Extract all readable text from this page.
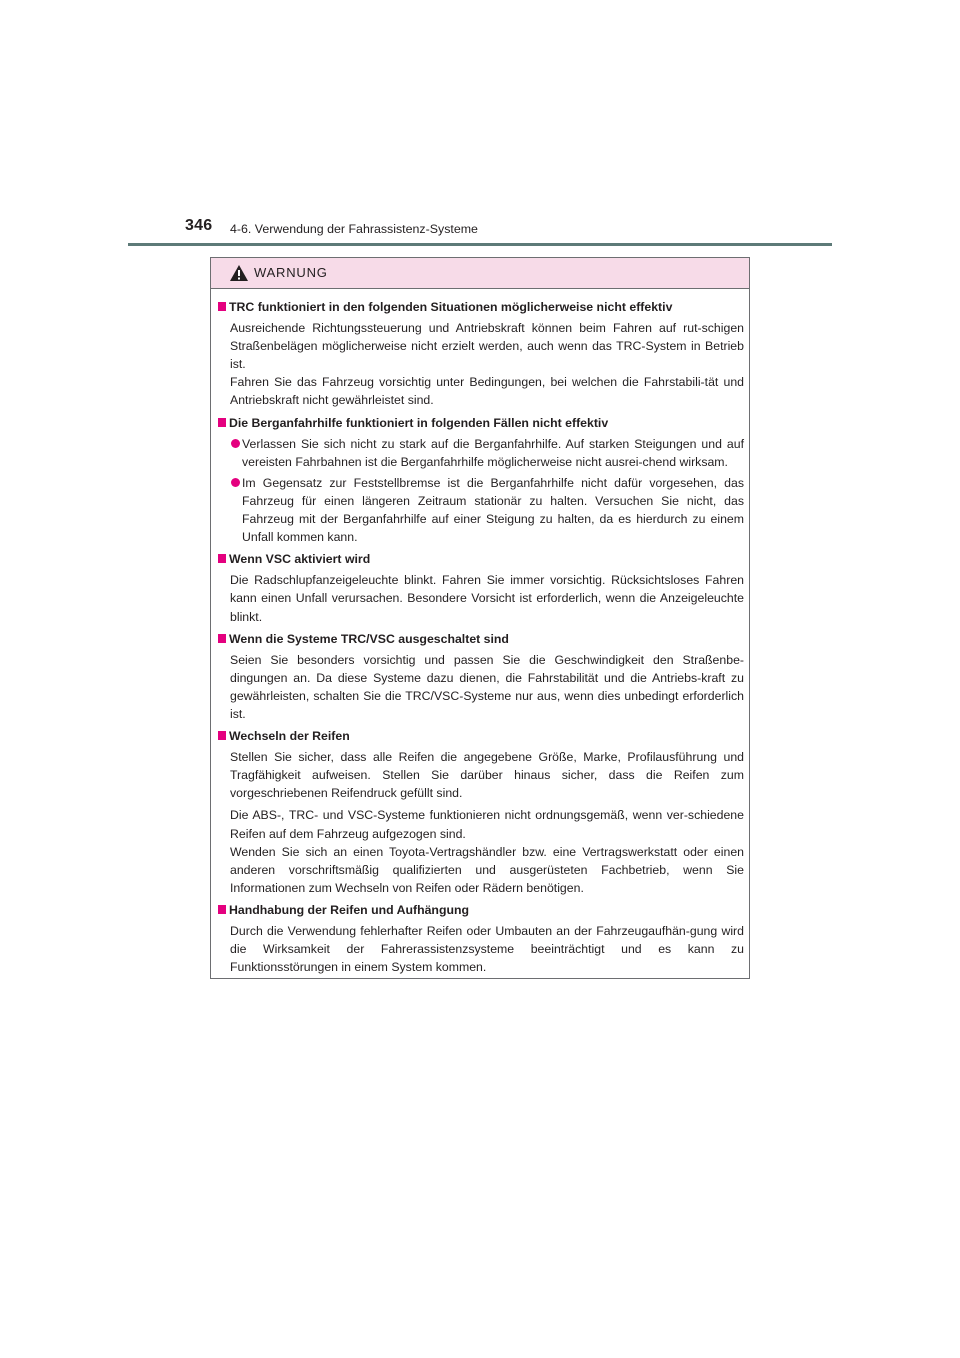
346 4-6. Verwendung der Fahrassistenz-Systeme
WARNUNG
TRC funktioniert in den folgenden Situationen möglicherweise nicht effektiv
Ausreichende Richtungssteuerung und Antriebskraft können beim Fahren auf rut-schigen Straßenbelägen möglicherweise nicht erzielt werden, auch wenn das TRC-System in Betrieb ist.
Fahren Sie das Fahrzeug vorsichtig unter Bedingungen, bei welchen die Fahrstabili-tät und Antriebskraft nicht gewährleistet sind.
Die Berganfahrhilfe funktioniert in folgenden Fällen nicht effektiv
Verlassen Sie sich nicht zu stark auf die Berganfahrhilfe. Auf starken Steigungen und auf vereisten Fahrbahnen ist die Berganfahrhilfe möglicherweise nicht ausrei-chend wirksam.
Im Gegensatz zur Feststellbremse ist die Berganfahrhilfe nicht dafür vorgesehen, das Fahrzeug für einen längeren Zeitraum stationär zu halten. Versuchen Sie nicht, das Fahrzeug mit der Berganfahrhilfe auf einer Steigung zu halten, da es hierdurch zu einem Unfall kommen kann.
Wenn VSC aktiviert wird
Die Radschlupfanzeigeleuchte blinkt. Fahren Sie immer vorsichtig. Rücksichtsloses Fahren kann einen Unfall verursachen. Besondere Vorsicht ist erforderlich, wenn die Anzeigeleuchte blinkt.
Wenn die Systeme TRC/VSC ausgeschaltet sind
Seien Sie besonders vorsichtig und passen Sie die Geschwindigkeit den Straßenbe-dingungen an. Da diese Systeme dazu dienen, die Fahrstabilität und die Antriebs-kraft zu gewährleisten, schalten Sie die TRC/VSC-Systeme nur aus, wenn dies unbedingt erforderlich ist.
Wechseln der Reifen
Stellen Sie sicher, dass alle Reifen die angegebene Größe, Marke, Profilausführung und Tragfähigkeit aufweisen. Stellen Sie darüber hinaus sicher, dass die Reifen zum vorgeschriebenen Reifendruck gefüllt sind.
Die ABS-, TRC- und VSC-Systeme funktionieren nicht ordnungsgemäß, wenn ver-schiedene Reifen auf dem Fahrzeug aufgezogen sind.
Wenden Sie sich an einen Toyota-Vertragshändler bzw. eine Vertragswerkstatt oder einen anderen vorschriftsmäßig qualifizierten und ausgerüsteten Fachbetrieb, wenn Sie Informationen zum Wechseln von Reifen oder Rädern benötigen.
Handhabung der Reifen und Aufhängung
Durch die Verwendung fehlerhafter Reifen oder Umbauten an der Fahrzeugaufhän-gung wird die Wirksamkeit der Fahrerassistenzsysteme beeinträchtigt und es kann zu Funktionsstörungen in einem System kommen.
